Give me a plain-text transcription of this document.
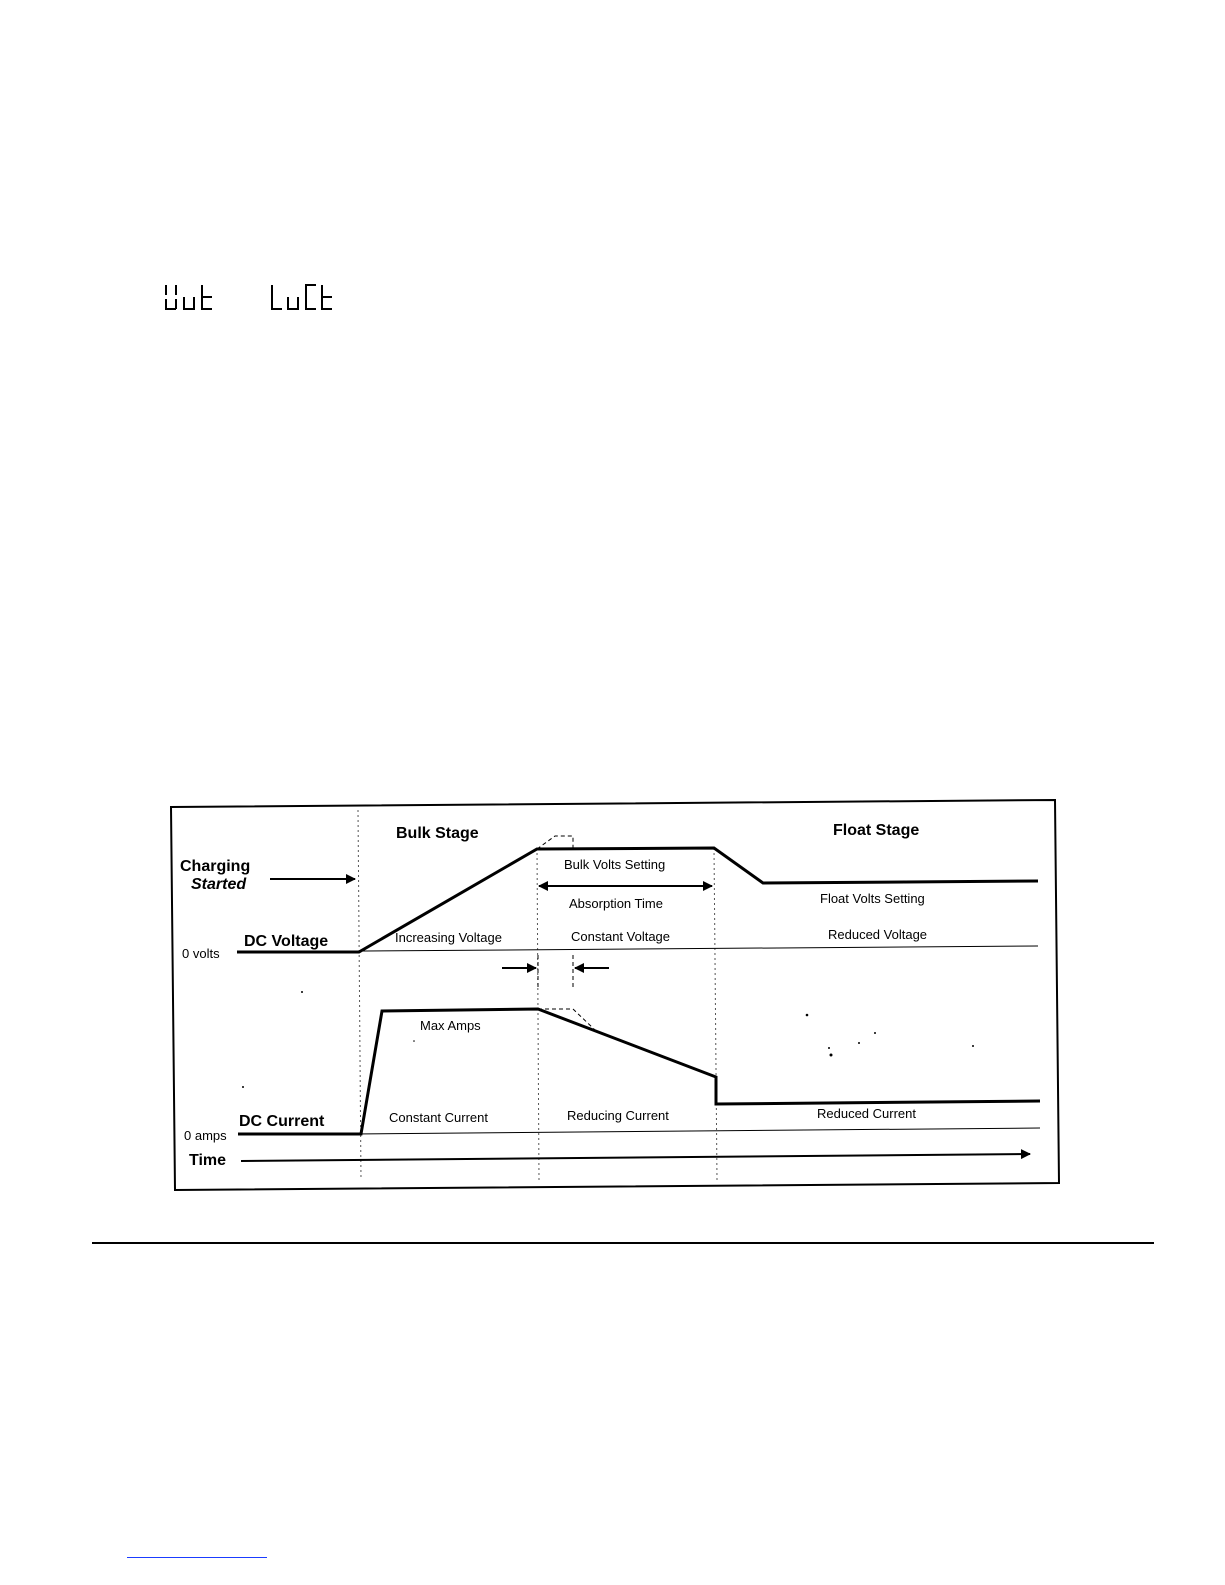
Bulk Stage	Float Stage
Charging
Started
DC Voltage
0 volts
Bulk Volts Setting
Absorption Time	Float Volts Setting
Increasing Voltage	Constant Voltage	Reduced Voltage
DC Current
0 amps
Max Amps
Constant Current	Reducing Current	Reduced Current
Time
